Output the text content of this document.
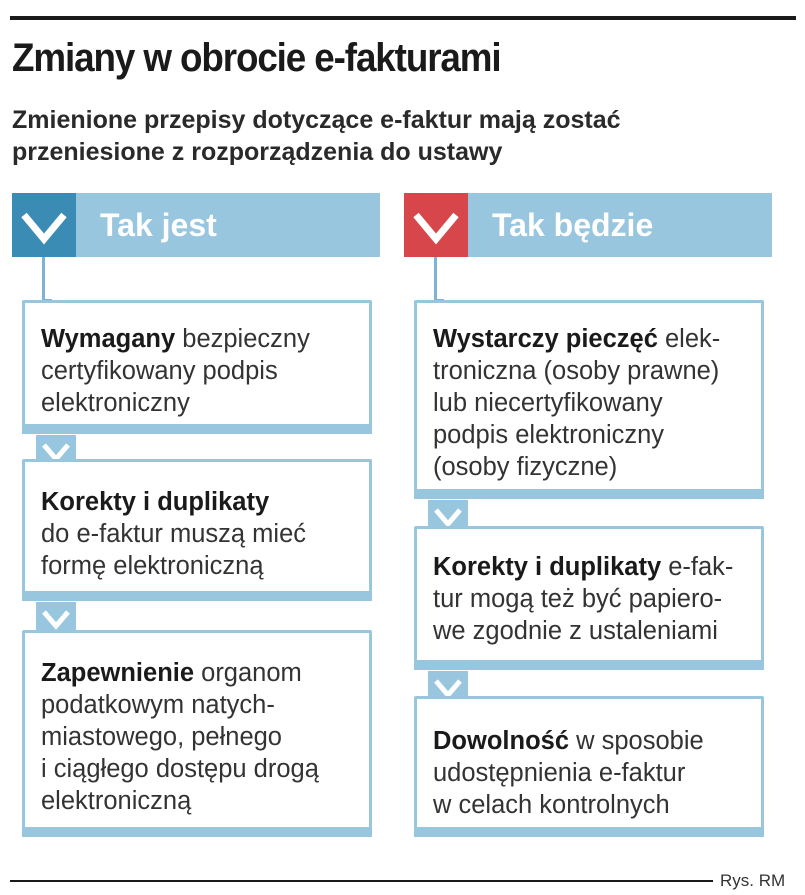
Zmiany w obrocie e-fakturami
Zmienione przepisy dotyczące e-faktur mają zostać
przeniesione z rozporządzenia do ustawy
Tak jest
Wymagany bezpieczny
certyfikowany podpis
elektroniczny
Korekty i duplikaty
do e-faktur muszą mieć
formę elektroniczną
Zapewnienie organom
podatkowym natych-
miastowego, pełnego
i ciągłego dostępu drogą
elektroniczną
Tak będzie
Wystarczy pieczęć elek-
troniczna (osoby prawne)
lub niecertyfikowany
podpis elektroniczny
(osoby fizyczne)
Korekty i duplikaty e-fak-
tur mogą też być papiero-
we zgodnie z ustaleniami
Dowolność w sposobie
udostępnienia e-faktur
w celach kontrolnych
Rys. RM
